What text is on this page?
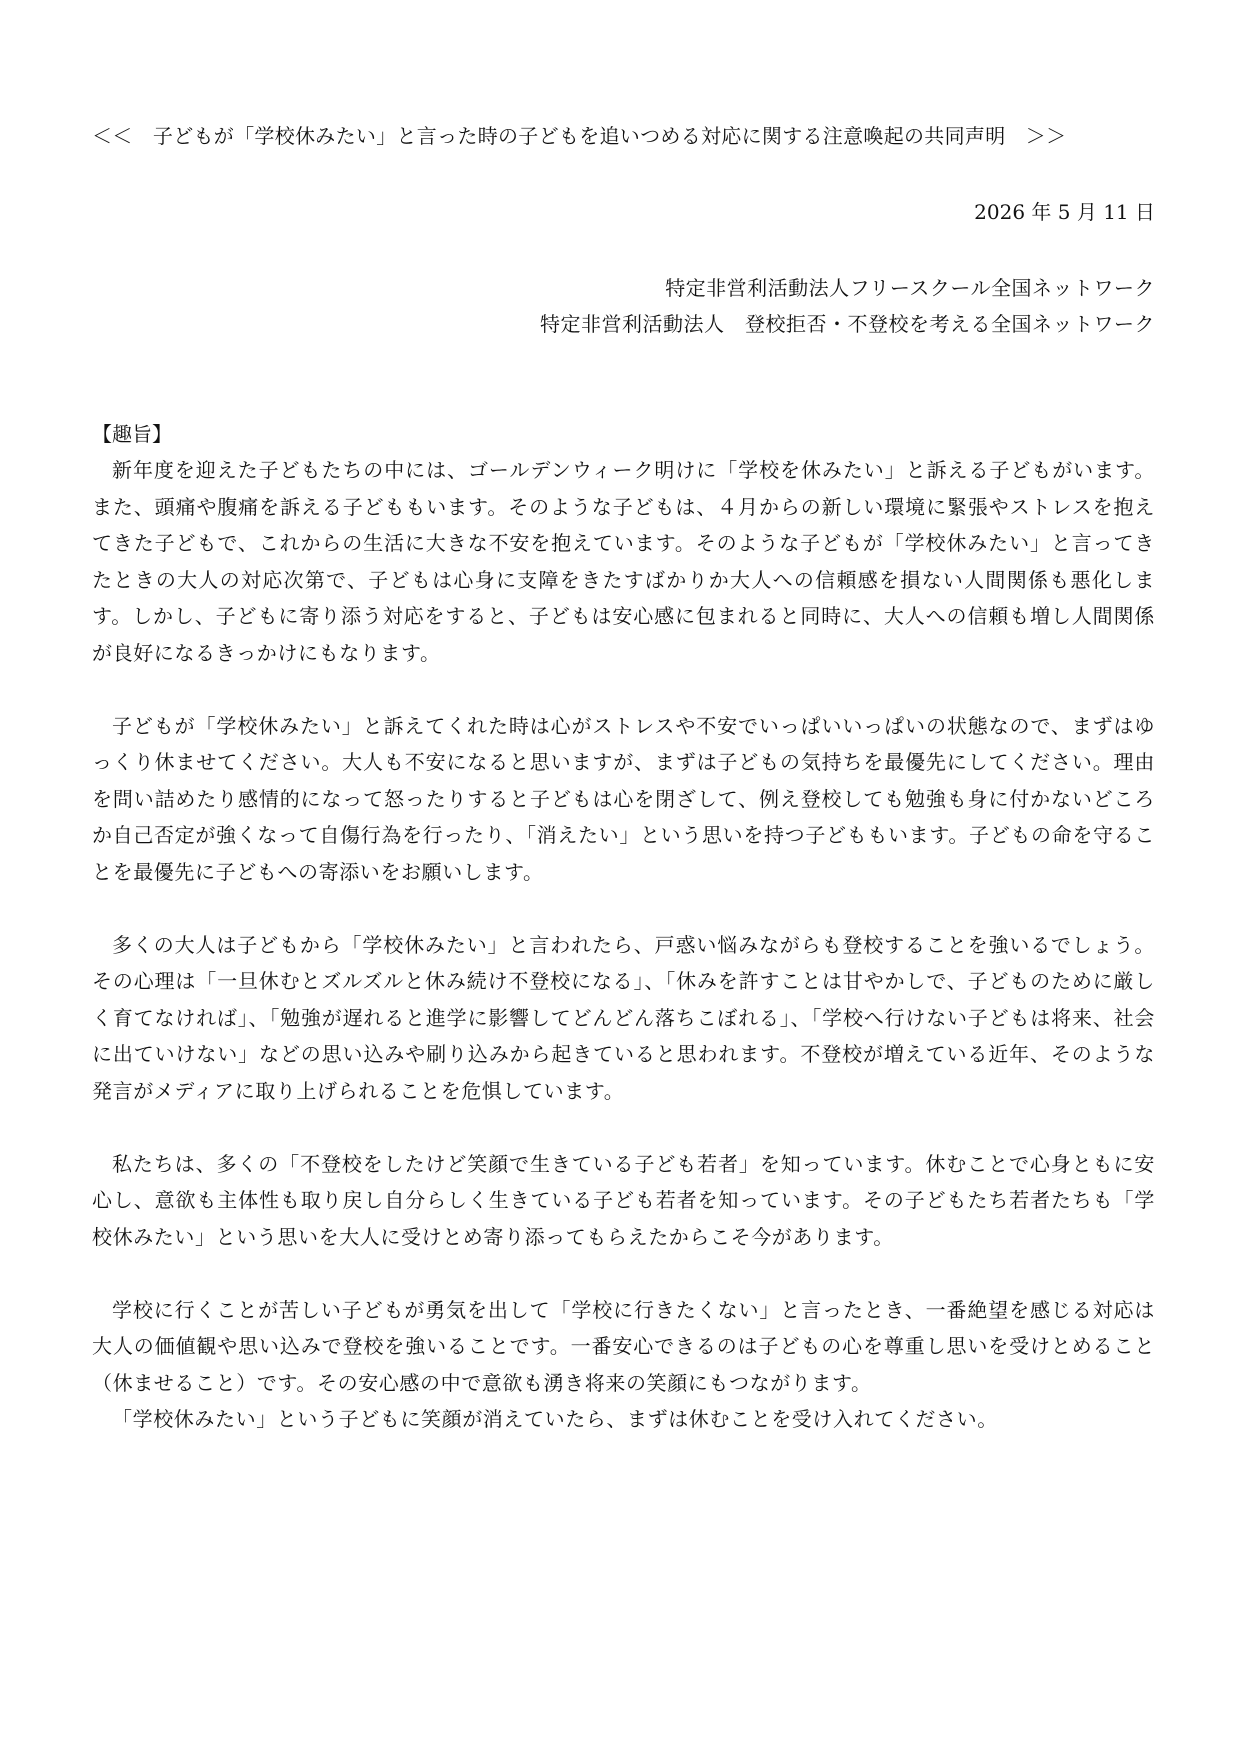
＜＜　子どもが「学校休みたい」と言った時の子どもを追いつめる対応に関する注意喚起の共同声明　＞＞
2026 年 5 月 11 日
特定非営利活動法人フリースクール全国ネットワーク
特定非営利活動法人　登校拒否・不登校を考える全国ネットワーク
【趣旨】

新年度を迎えた子どもたちの中には、ゴールデンウィーク明けに「学校を休みたい」と訴える子どもがいます。また、頭痛や腹痛を訴える子どももいます。そのような子どもは、４月からの新しい環境に緊張やストレスを抱えてきた子どもで、これからの生活に大きな不安を抱えています。そのような子どもが「学校休みたい」と言ってきたときの大人の対応次第で、子どもは心身に支障をきたすばかりか大人への信頼感を損ない人間関係も悪化します。しかし、子どもに寄り添う対応をすると、子どもは安心感に包まれると同時に、大人への信頼も増し人間関係が良好になるきっかけにもなります。

子どもが「学校休みたい」と訴えてくれた時は心がストレスや不安でいっぱいいっぱいの状態なので、まずはゆっくり休ませてください。大人も不安になると思いますが、まずは子どもの気持ちを最優先にしてください。理由を問い詰めたり感情的になって怒ったりすると子どもは心を閉ざして、例え登校しても勉強も身に付かないどころか自己否定が強くなって自傷行為を行ったり、「消えたい」という思いを持つ子どももいます。子どもの命を守ることを最優先に子どもへの寄添いをお願いします。

多くの大人は子どもから「学校休みたい」と言われたら、戸惑い悩みながらも登校することを強いるでしょう。その心理は「一旦休むとズルズルと休み続け不登校になる」、「休みを許すことは甘やかしで、子どものために厳しく育てなければ」、「勉強が遅れると進学に影響してどんどん落ちこぼれる」、「学校へ行けない子どもは将来、社会に出ていけない」などの思い込みや刷り込みから起きていると思われます。不登校が増えている近年、そのような発言がメディアに取り上げられることを危惧しています。

私たちは、多くの「不登校をしたけど笑顔で生きている子ども若者」を知っています。休むことで心身ともに安心し、意欲も主体性も取り戻し自分らしく生きている子ども若者を知っています。その子どもたち若者たちも「学校休みたい」という思いを大人に受けとめ寄り添ってもらえたからこそ今があります。

学校に行くことが苦しい子どもが勇気を出して「学校に行きたくない」と言ったとき、一番絶望を感じる対応は大人の価値観や思い込みで登校を強いることです。一番安心できるのは子どもの心を尊重し思いを受けとめること（休ませること）です。その安心感の中で意欲も湧き将来の笑顔にもつながります。

「学校休みたい」という子どもに笑顔が消えていたら、まずは休むことを受け入れてください。
